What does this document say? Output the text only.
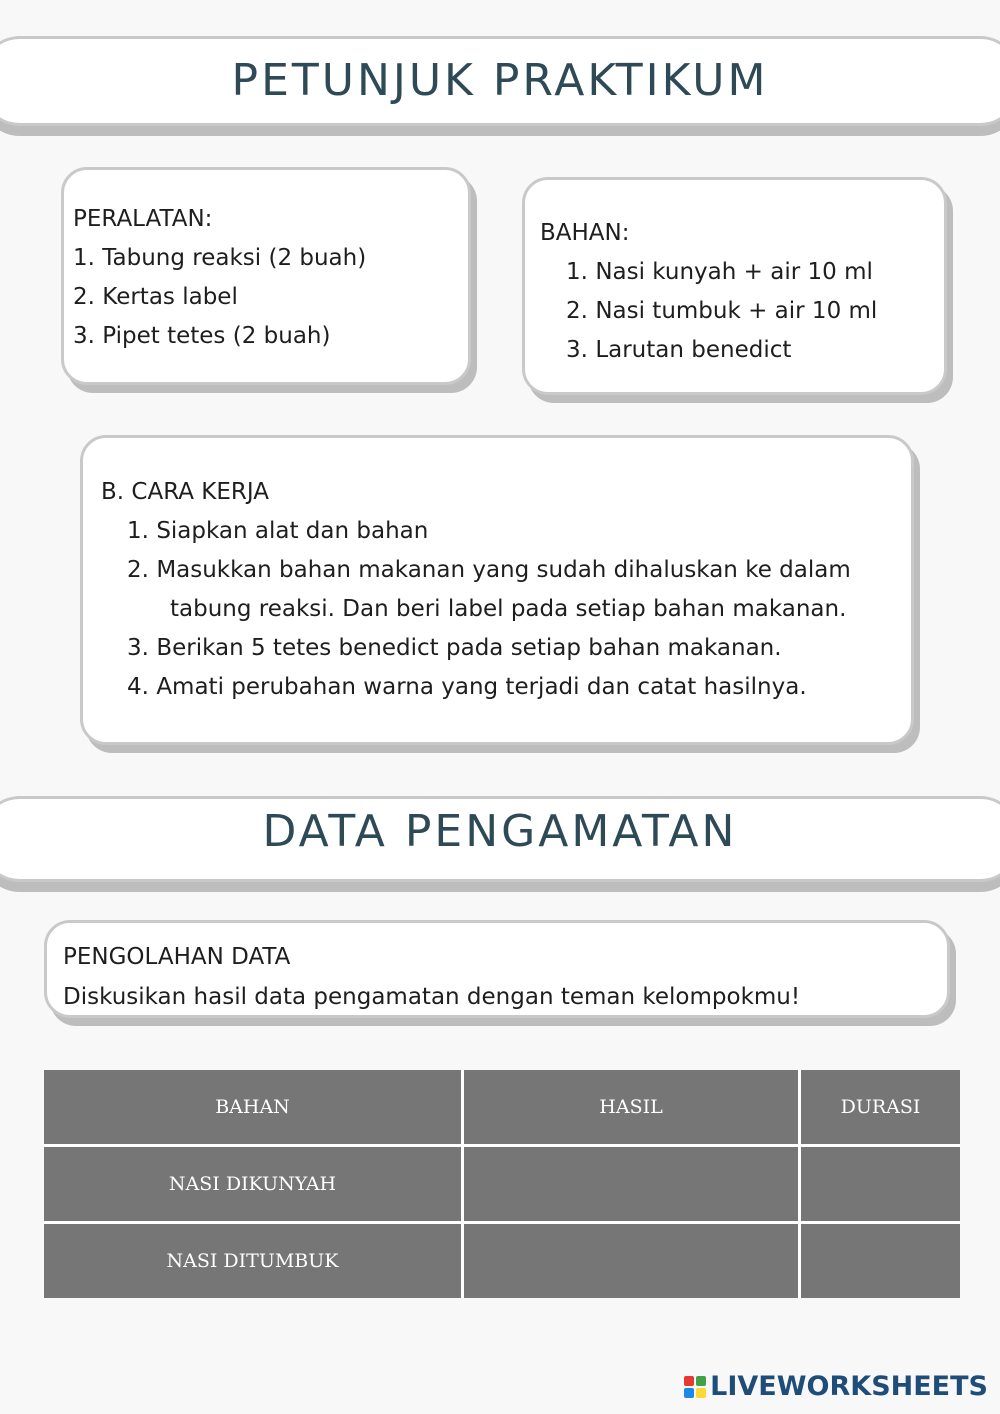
PETUNJUK PRAKTIKUM
PERALATAN:
1. Tabung reaksi (2 buah)
2. Kertas label
3. Pipet tetes (2 buah)
BAHAN:
1. Nasi kunyah + air 10 ml
2. Nasi tumbuk + air 10 ml
3. Larutan benedict
B. CARA KERJA
1. Siapkan alat dan bahan
2. Masukkan bahan makanan yang sudah dihaluskan ke dalam
tabung reaksi. Dan beri label pada setiap bahan makanan.
3. Berikan 5 tetes benedict pada setiap bahan makanan.
4. Amati perubahan warna yang terjadi dan catat hasilnya.
DATA PENGAMATAN
PENGOLAHAN DATA
Diskusikan hasil data pengamatan dengan teman kelompokmu!
BAHAN	HASIL	DURASI
NASI DIKUNYAH		
NASI DITUMBUK		
LIVEWORKSHEETS
